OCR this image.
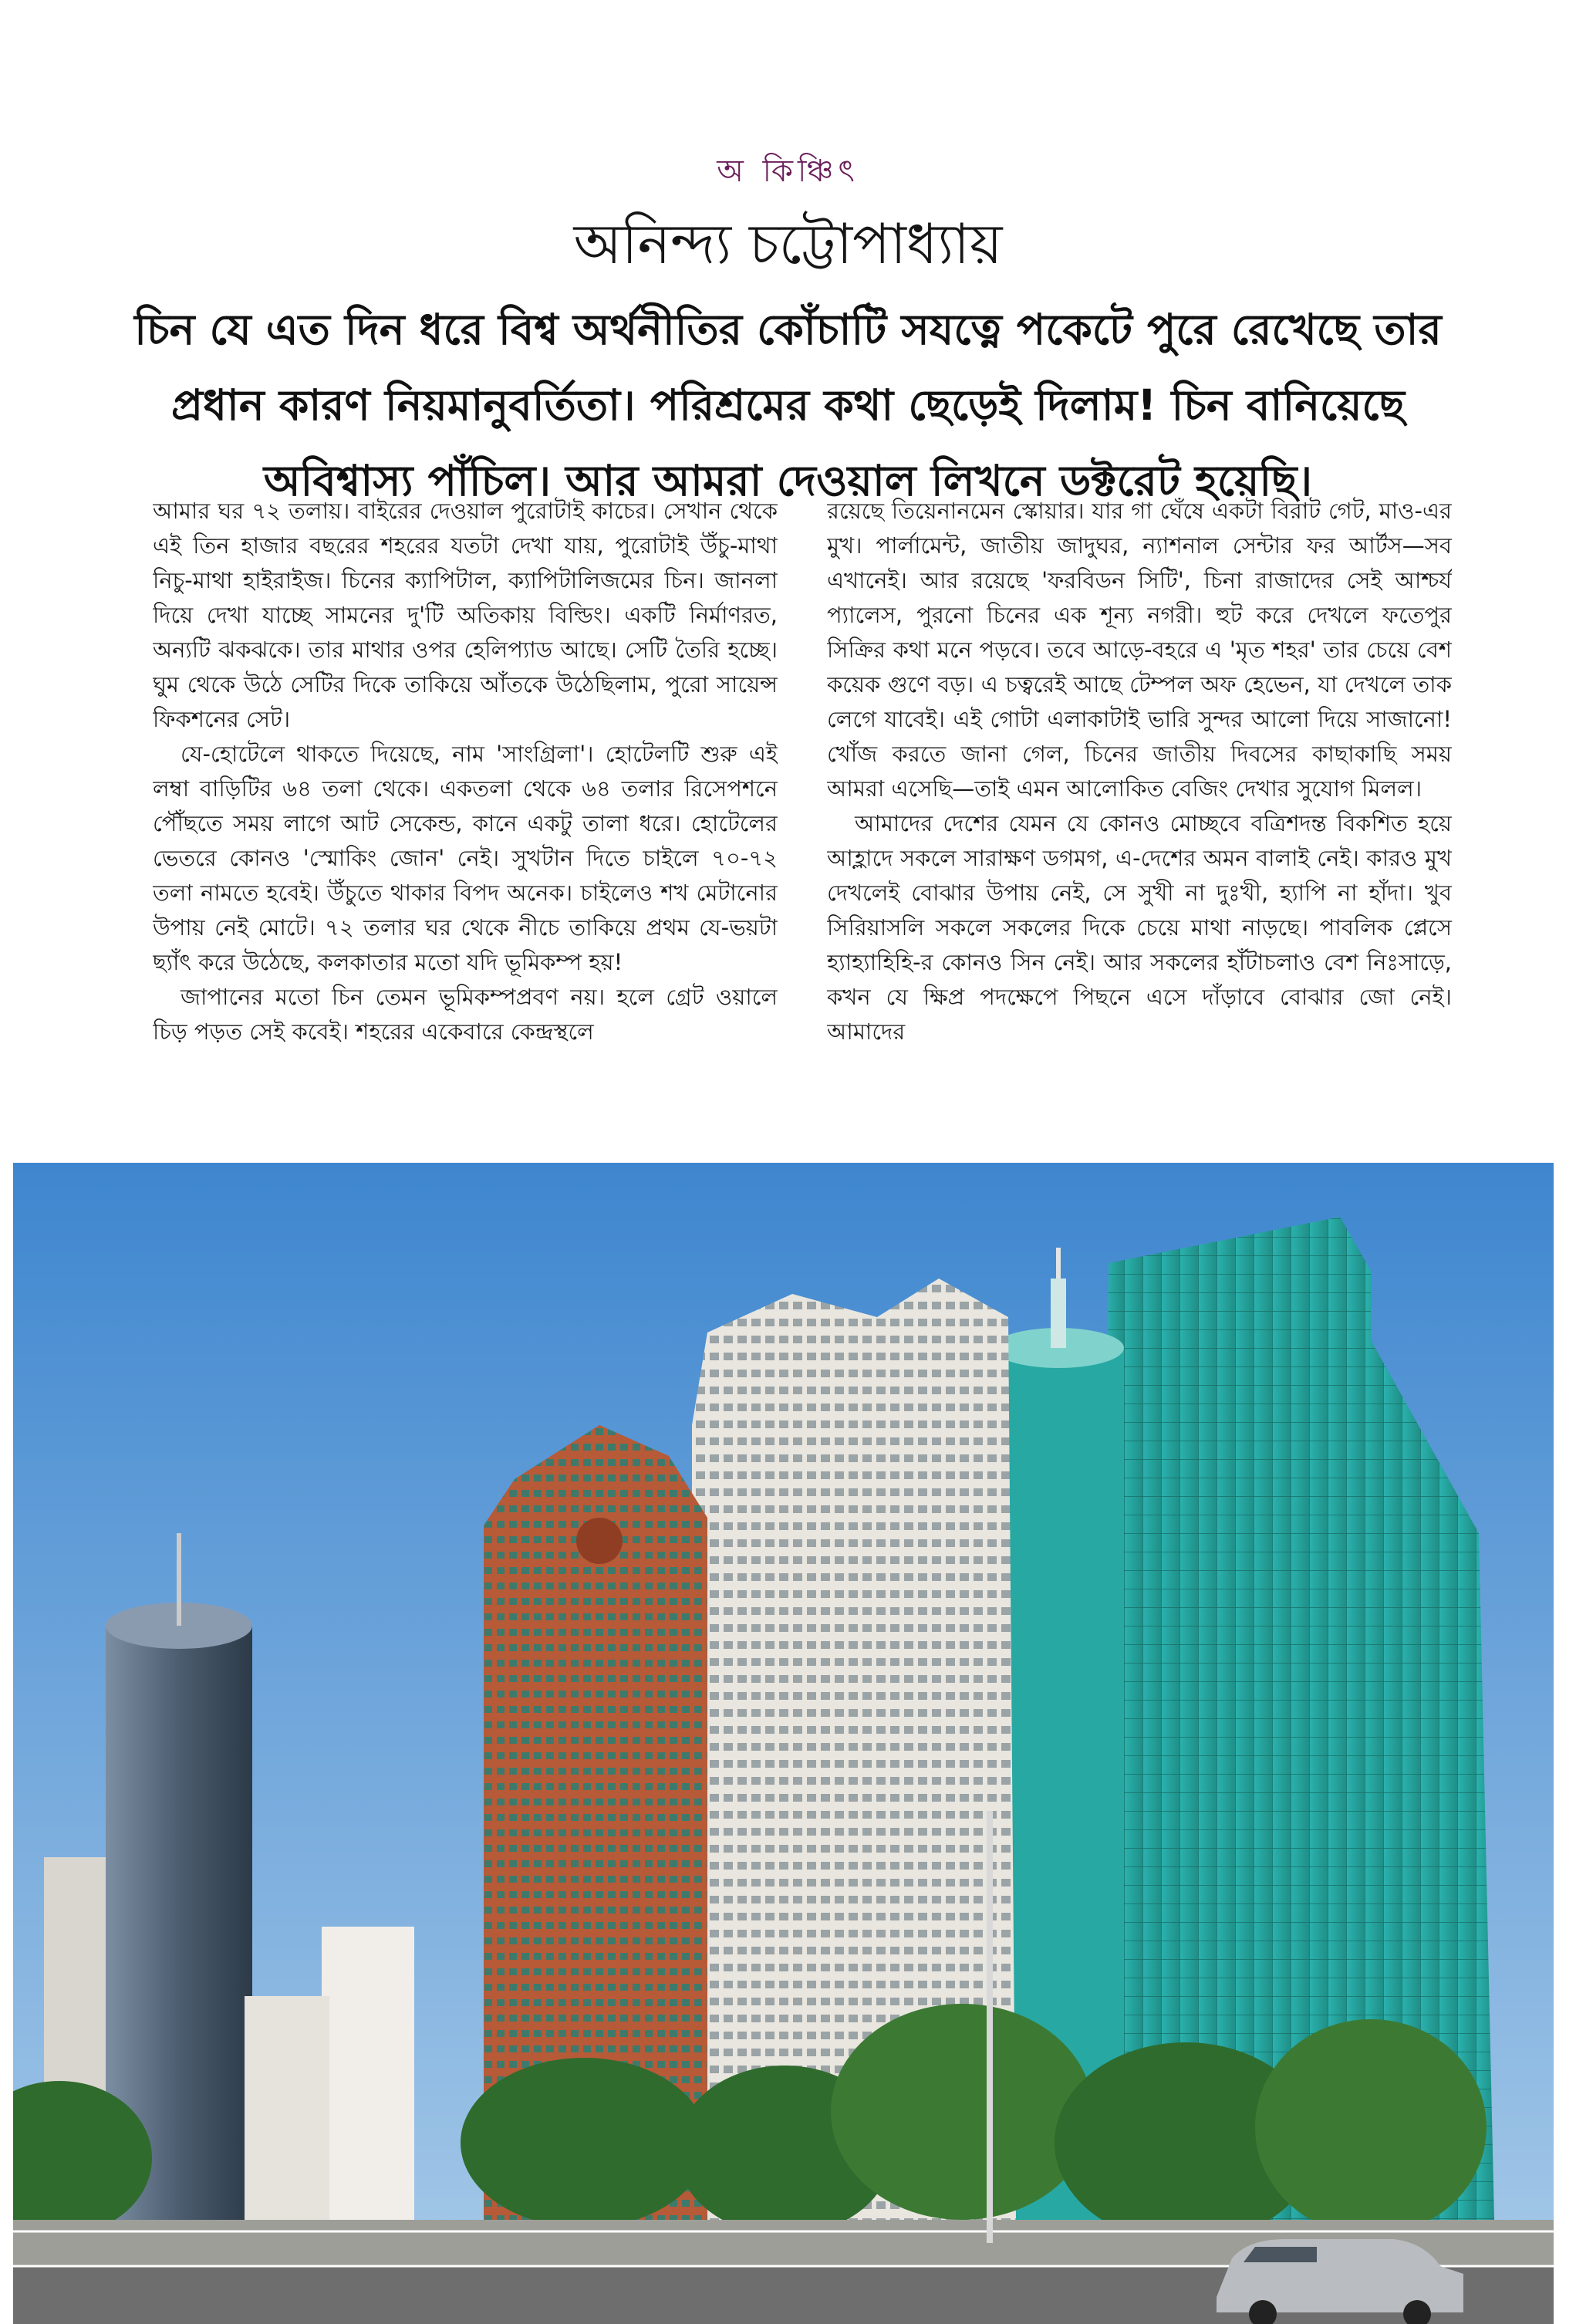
অ কিঞ্চিৎ
অনিন্দ্য চট্টোপাধ্যায়
চিন যে এত দিন ধরে বিশ্ব অর্থনীতির কোঁচাটি সযত্নে পকেটে পুরে রেখেছে তার প্রধান কারণ নিয়মানুবর্তিতা। পরিশ্রমের কথা ছেড়েই দিলাম! চিন বানিয়েছে অবিশ্বাস্য পাঁচিল। আর আমরা দেওয়াল লিখনে ডক্টরেট হয়েছি।

আমার ঘর ৭২ তলায়। বাইরের দেওয়াল পুরোটাই কাচের। সেখান থেকে এই তিন হাজার বছরের শহরের যতটা দেখা যায়, পুরোটাই উঁচু-মাথা নিচু-মাথা হাইরাইজ। চিনের ক্যাপিটাল, ক্যাপিটালিজমের চিন। জানলা দিয়ে দেখা যাচ্ছে সামনের দু'টি অতিকায় বিল্ডিং। একটি নির্মাণরত, অন্যটি ঝকঝকে। তার মাথার ওপর হেলিপ্যাড আছে। সেটি তৈরি হচ্ছে। ঘুম থেকে উঠে সেটির দিকে তাকিয়ে আঁতকে উঠেছিলাম, পুরো সায়েন্স ফিকশনের সেট।

যে-হোটেলে থাকতে দিয়েছে, নাম 'সাংগ্রিলা'। হোটেলটি শুরু এই লম্বা বাড়িটির ৬৪ তলা থেকে। একতলা থেকে ৬৪ তলার রিসেপশনে পৌঁছতে সময় লাগে আট সেকেন্ড, কানে একটু তালা ধরে। হোটেলের ভেতরে কোনও 'স্মোকিং জোন' নেই। সুখটান দিতে চাইলে ৭০-৭২ তলা নামতে হবেই। উঁচুতে থাকার বিপদ অনেক। চাইলেও শখ মেটানোর উপায় নেই মোটে। ৭২ তলার ঘর থেকে নীচে তাকিয়ে প্রথম যে-ভয়টা ছ্যাঁৎ করে উঠেছে, কলকাতার মতো যদি ভূমিকম্প হয়!

জাপানের মতো চিন তেমন ভূমিকম্পপ্রবণ নয়। হলে গ্রেট ওয়ালে চিড় পড়ত সেই কবেই। শহরের একেবারে কেন্দ্রস্থলে

রয়েছে তিয়েনানমেন স্কোয়ার। যার গা ঘেঁষে একটা বিরাট গেট, মাও-এর মুখ। পার্লামেন্ট, জাতীয় জাদুঘর, ন্যাশনাল সেন্টার ফর আর্টস—সব এখানেই। আর রয়েছে 'ফরবিডন সিটি', চিনা রাজাদের সেই আশ্চর্য প্যালেস, পুরনো চিনের এক শূন্য নগরী। হুট করে দেখলে ফতেপুর সিক্রির কথা মনে পড়বে। তবে আড়ে-বহরে এ 'মৃত শহর' তার চেয়ে বেশ কয়েক গুণে বড়। এ চত্বরেই আছে টেম্পল অফ হেভেন, যা দেখলে তাক লেগে যাবেই। এই গোটা এলাকাটাই ভারি সুন্দর আলো দিয়ে সাজানো! খোঁজ করতে জানা গেল, চিনের জাতীয় দিবসের কাছাকাছি সময় আমরা এসেছি—তাই এমন আলোকিত বেজিং দেখার সুযোগ মিলল।

আমাদের দেশের যেমন যে কোনও মোচ্ছবে বত্রিশদন্ত বিকশিত হয়ে আহ্লাদে সকলে সারাক্ষণ ডগমগ, এ-দেশের অমন বালাই নেই। কারও মুখ দেখলেই বোঝার উপায় নেই, সে সুখী না দুঃখী, হ্যাপি না হাঁদা। খুব সিরিয়াসলি সকলে সকলের দিকে চেয়ে মাথা নাড়ছে। পাবলিক প্লেসে হ্যাহ্যাহিহি-র কোনও সিন নেই। আর সকলের হাঁটাচলাও বেশ নিঃসাড়ে, কখন যে ক্ষিপ্র পদক্ষেপে পিছনে এসে দাঁড়াবে বোঝার জো নেই। আমাদের
